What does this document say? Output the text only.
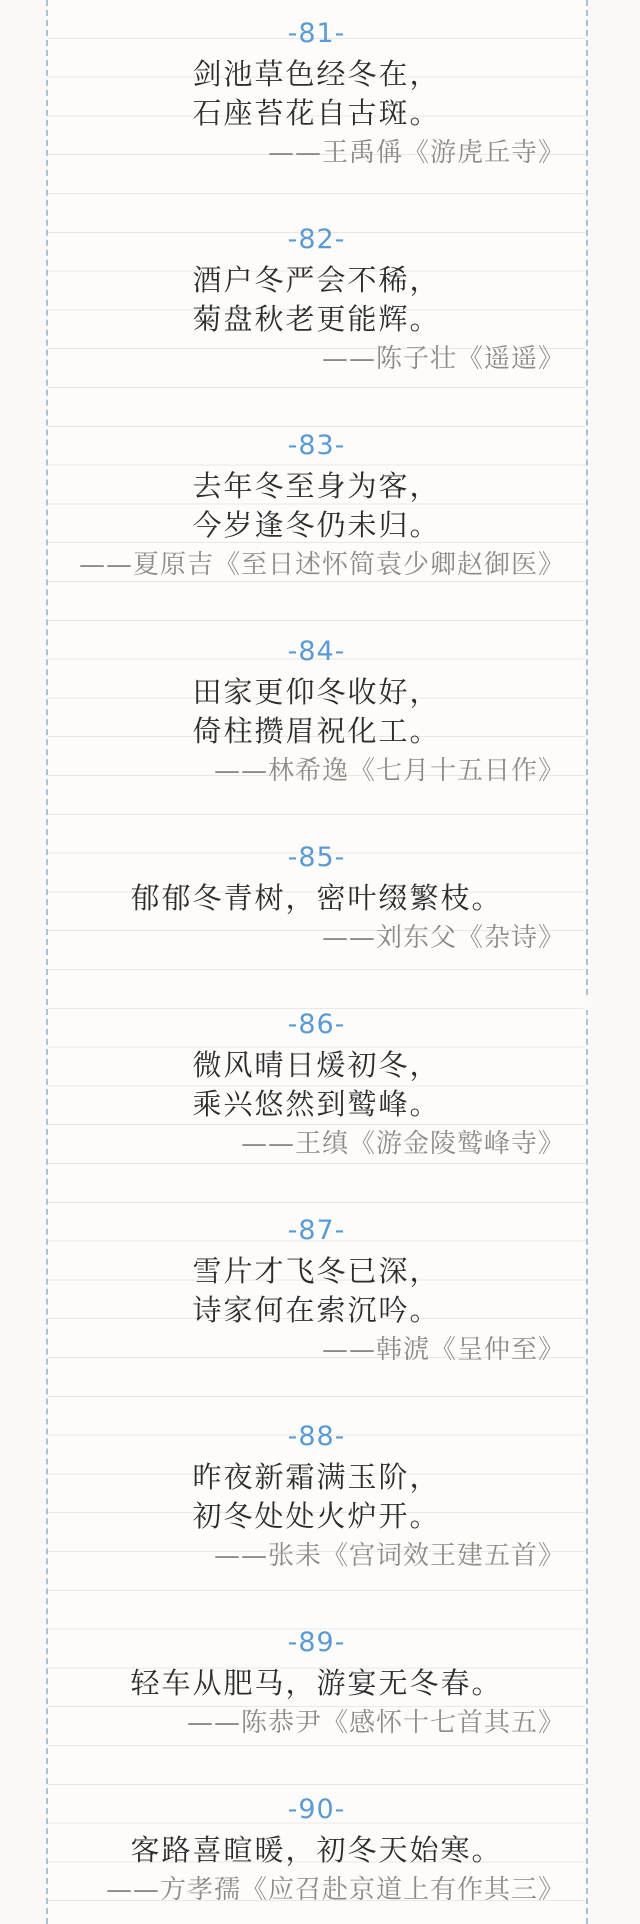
-81-
剑池草色经冬在，
石座苔花自古斑。
——王禹偁《游虎丘寺》
-82-
酒户冬严会不稀，
菊盘秋老更能辉。
——陈子壮《遥遥》
-83-
去年冬至身为客，
今岁逢冬仍未归。
——夏原吉《至日述怀简袁少卿赵御医》
-84-
田家更仰冬收好，
倚柱攒眉祝化工。
——林希逸《七月十五日作》
-85-
郁郁冬青树，密叶缀繁枝。
——刘东父《杂诗》
-86-
微风晴日煖初冬，
乘兴悠然到鹫峰。
——王缜《游金陵鹫峰寺》
-87-
雪片才飞冬已深，
诗家何在索沉吟。
——韩淲《呈仲至》
-88-
昨夜新霜满玉阶，
初冬处处火炉开。
——张耒《宫词效王建五首》
-89-
轻车从肥马，游宴无冬春。
——陈恭尹《感怀十七首其五》
-90-
客路喜暄暖，初冬天始寒。
——方孝孺《应召赴京道上有作其三》
